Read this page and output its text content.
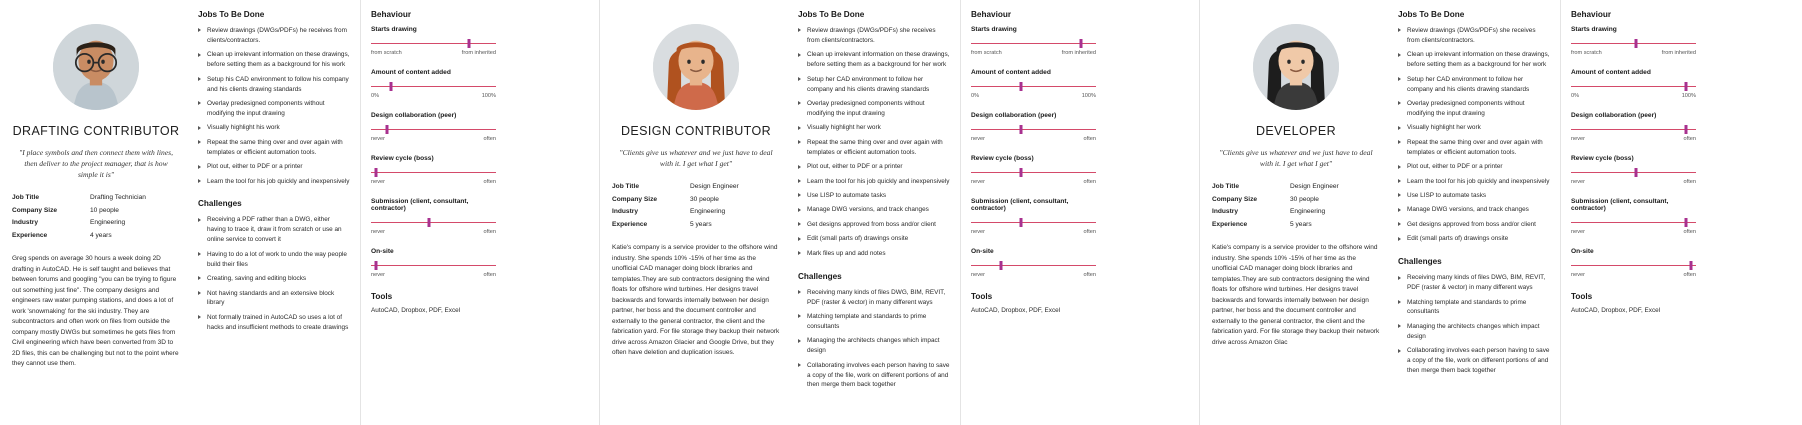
DRAFTING CONTRIBUTOR
"I place symbols and then connect them with lines, then deliver to the project manager, that is how simple it is"
Job Title	Drafting Technician
Company Size	10 people
Industry	Engineering
Experience	4 years
Greg spends on average 30 hours a week doing 2D drafting in AutoCAD. He is self taught and believes that between forums and googling "you can be trying to figure out something just fine". The company designs and engineers raw water pumping stations, and does a lot of work 'snowmaking' for the ski industry. They are subcontractors and often work on files from outside the company mostly DWGs but sometimes he gets files from Civil engineering which have been converted from 3D to 2D files, this can be challenging but not to the point where they cannot use them.
Jobs To Be Done
Review drawings (DWGs/PDFs) he receives from clients/contractors.
Clean up irrelevant information on these drawings, before setting them as a background for his work
Setup his CAD environment to follow his company and his clients drawing standards
Overlay predesigned components without modifying the input drawing
Visually highlight his work
Repeat the same thing over and over again with templates or efficient automation tools.
Plot out, either to PDF or a printer
Learn the tool for his job quickly and inexpensively
Challenges
Receiving a PDF rather than a DWG, either having to trace it, draw it from scratch or use an online service to convert it
Having to do a lot of work to undo the way people build their files
Creating, saving and editing blocks
Not having standards and an extensive block library
Not formally trained in AutoCAD so uses a lot of hacks and insufficient methods to create drawings
Behaviour
Starts drawing
from scratch	from inherited
Amount of content added
0%	100%
Design collaboration (peer)
never	often
Review cycle (boss)
never	often
Submission (client, consultant, contractor)
never	often
On-site
never	often
Tools
AutoCAD, Dropbox, PDF, Excel
DESIGN CONTRIBUTOR
"Clients give us whatever and we just have to deal with it. I get what I get"
Job Title	Design Engineer
Company Size	30 people
Industry	Engineering
Experience	5 years
Katie's company is a service provider to the offshore wind industry. She spends 10% -15% of her time as the unofficial CAD manager doing block libraries and templates.They are sub contractors designing the wind floats for offshore wind turbines. Her designs travel backwards and forwards internally between her design partner, her boss and the document controller and externally to the general contractor, the client and the fabrication yard. For file storage they backup their network drive across Amazon Glacier and Google Drive, but they often have deletion and duplication issues.
Jobs To Be Done
Review drawings (DWGs/PDFs) she receives from clients/contractors.
Clean up irrelevant information on these drawings, before setting them as a background for her work
Setup her CAD environment to follow her company and his clients drawing standards
Overlay predesigned components without modifying the input drawing
Visually highlight her work
Repeat the same thing over and over again with templates or efficient automation tools.
Plot out, either to PDF or a printer
Learn the tool for his job quickly and inexpensively
Use LISP to automate tasks
Manage DWG versions, and track changes
Get designs approved from boss and/or client
Edit (small parts of) drawings onsite
Mark files up and add notes
Challenges
Receiving many kinds of files DWG, BIM, REVIT, PDF (raster & vector) in many different ways
Matching template and standards to prime consultants
Managing the architects changes which impact design
Collaborating involves each person having to save a copy of the file, work on different portions of and then merge them back together
Behaviour
Starts drawing
from scratch	from inherited
Amount of content added
0%	100%
Design collaboration (peer)
never	often
Review cycle (boss)
never	often
Submission (client, consultant, contractor)
never	often
On-site
never	often
Tools
AutoCAD, Dropbox, PDF, Excel
DEVELOPER
"Clients give us whatever and we just have to deal with it. I get what I get"
Job Title	Design Engineer
Company Size	30 people
Industry	Engineering
Experience	5 years
Katie's company is a service provider to the offshore wind industry. She spends 10% -15% of her time as the unofficial CAD manager doing block libraries and templates.They are sub contractors designing the wind floats for offshore wind turbines. Her designs travel backwards and forwards internally between her design partner, her boss and the document controller and externally to the general contractor, the client and the fabrication yard. For file storage they backup their network drive across Amazon Glac
Jobs To Be Done
Review drawings (DWGs/PDFs) she receives from clients/contractors.
Clean up irrelevant information on these drawings, before setting them as a background for her work
Setup her CAD environment to follow her company and his clients drawing standards
Overlay predesigned components without modifying the input drawing
Visually highlight her work
Repeat the same thing over and over again with templates or efficient automation tools.
Plot out, either to PDF or a printer
Learn the tool for his job quickly and inexpensively
Use LISP to automate tasks
Manage DWG versions, and track changes
Get designs approved from boss and/or client
Edit (small parts of) drawings onsite
Challenges
Receiving many kinds of files DWG, BIM, REVIT, PDF (raster & vector) in many different ways
Matching template and standards to prime consultants
Managing the architects changes which impact design
Collaborating involves each person having to save a copy of the file, work on different portions of and then merge them back together
Behaviour
Starts drawing
from scratch	from inherited
Amount of content added
0%	100%
Design collaboration (peer)
never	often
Review cycle (boss)
never	often
Submission (client, consultant, contractor)
never	often
On-site
never	often
Tools
AutoCAD, Dropbox, PDF, Excel
